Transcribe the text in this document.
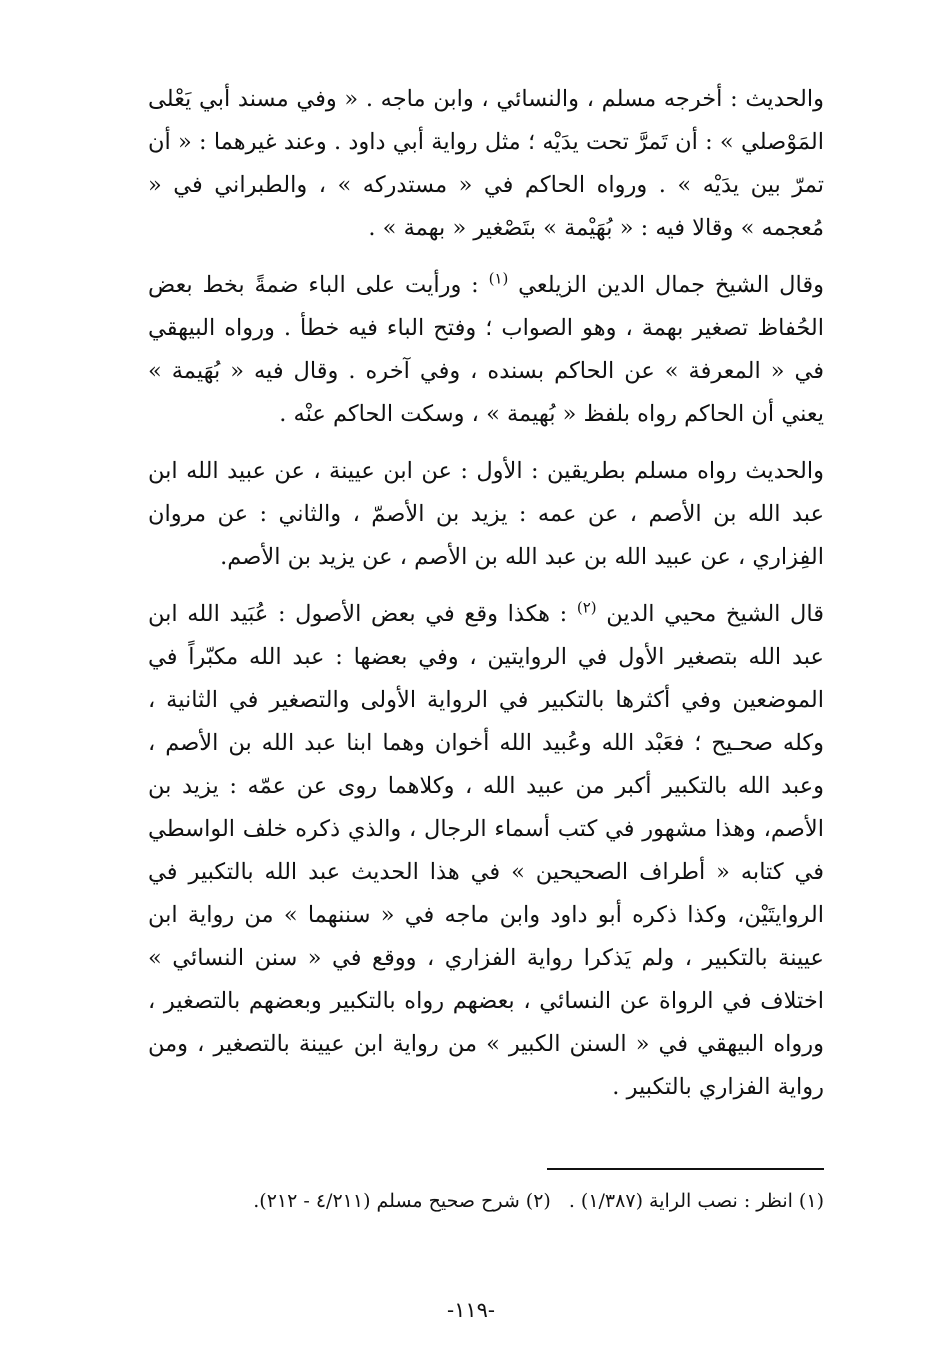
والحديث : أخرجه مسلم ، والنسائي ، وابن ماجه . « وفي مسند أبي يَعْلى المَوْصلي » : أن تَمرَّ تحت يدَيْه ؛ مثل رواية أبي داود . وعند غيرهما : « أن تمرّ بين يدَيْه » . ورواه الحاكم في « مستدركه » ، والطبراني في « مُعجمه » وقالا فيه : « بُهَيْمة » بتَصْغير « بهمة » .

وقال الشيخ جمال الدين الزيلعي $^{(١)}$ : ورأيت على الباء ضمةً بخط بعض الحُفاظ تصغير بهمة ، وهو الصواب ؛ وفتح الباء فيه خطأ . ورواه البيهقي في « المعرفة » عن الحاكم بسنده ، وفي آخره . وقال فيه « بُهَيمة » يعني أن الحاكم رواه بلفظ « بُهيمة » ، وسكت الحاكم عنْه .

والحديث رواه مسلم بطريقين : الأول : عن ابن عيينة ، عن عبيد الله ابن عبد الله بن الأصم ، عن عمه : يزيد بن الأصمّ ، والثاني : عن مروان الفِزاري ، عن عبيد الله بن عبد الله بن الأصم ، عن يزيد بن الأصم.

قال الشيخ محيي الدين $^{(٢)}$ : هكذا وقع في بعض الأصول : عُبَيد الله ابن عبد الله بتصغير الأول في الروايتين ، وفي بعضها : عبد الله مكبّراً في الموضعين وفي أكثرها بالتكبير في الرواية الأولى والتصغير في الثانية ، وكله صحـيح ؛ فعَبْد الله وعُبيد الله أخوان وهما ابنا عبد الله بن الأصم ، وعبد الله بالتكبير أكبر من عبيد الله ، وكلاهما روى عن عمّه : يزيد بن الأصم، وهذا مشهور في كتب أسماء الرجال ، والذي ذكره خلف الواسطي في كتابه « أطراف الصحيحين » في هذا الحديث عبد الله بالتكبير في الروايتَيْن، وكذا ذكره أبو داود وابن ماجه في « سننهما » من رواية ابن عيينة بالتكبير ، ولم يَذكرا رواية الفزاري ، ووقع في « سنن النسائي » اختلاف في الرواة عن النسائي ، بعضهم رواه بالتكبير وبعضهم بالتصغير ، ورواه البيهقي في « السنن الكبير » من رواية ابن عيينة بالتصغير ، ومن رواية الفزاري بالتكبير .

(١) انظر : نصب الراية (١/٣٨٧) .(٢) شرح صحيح مسلم (٤/٢١١ - ٢١٢).
-١١٩-
